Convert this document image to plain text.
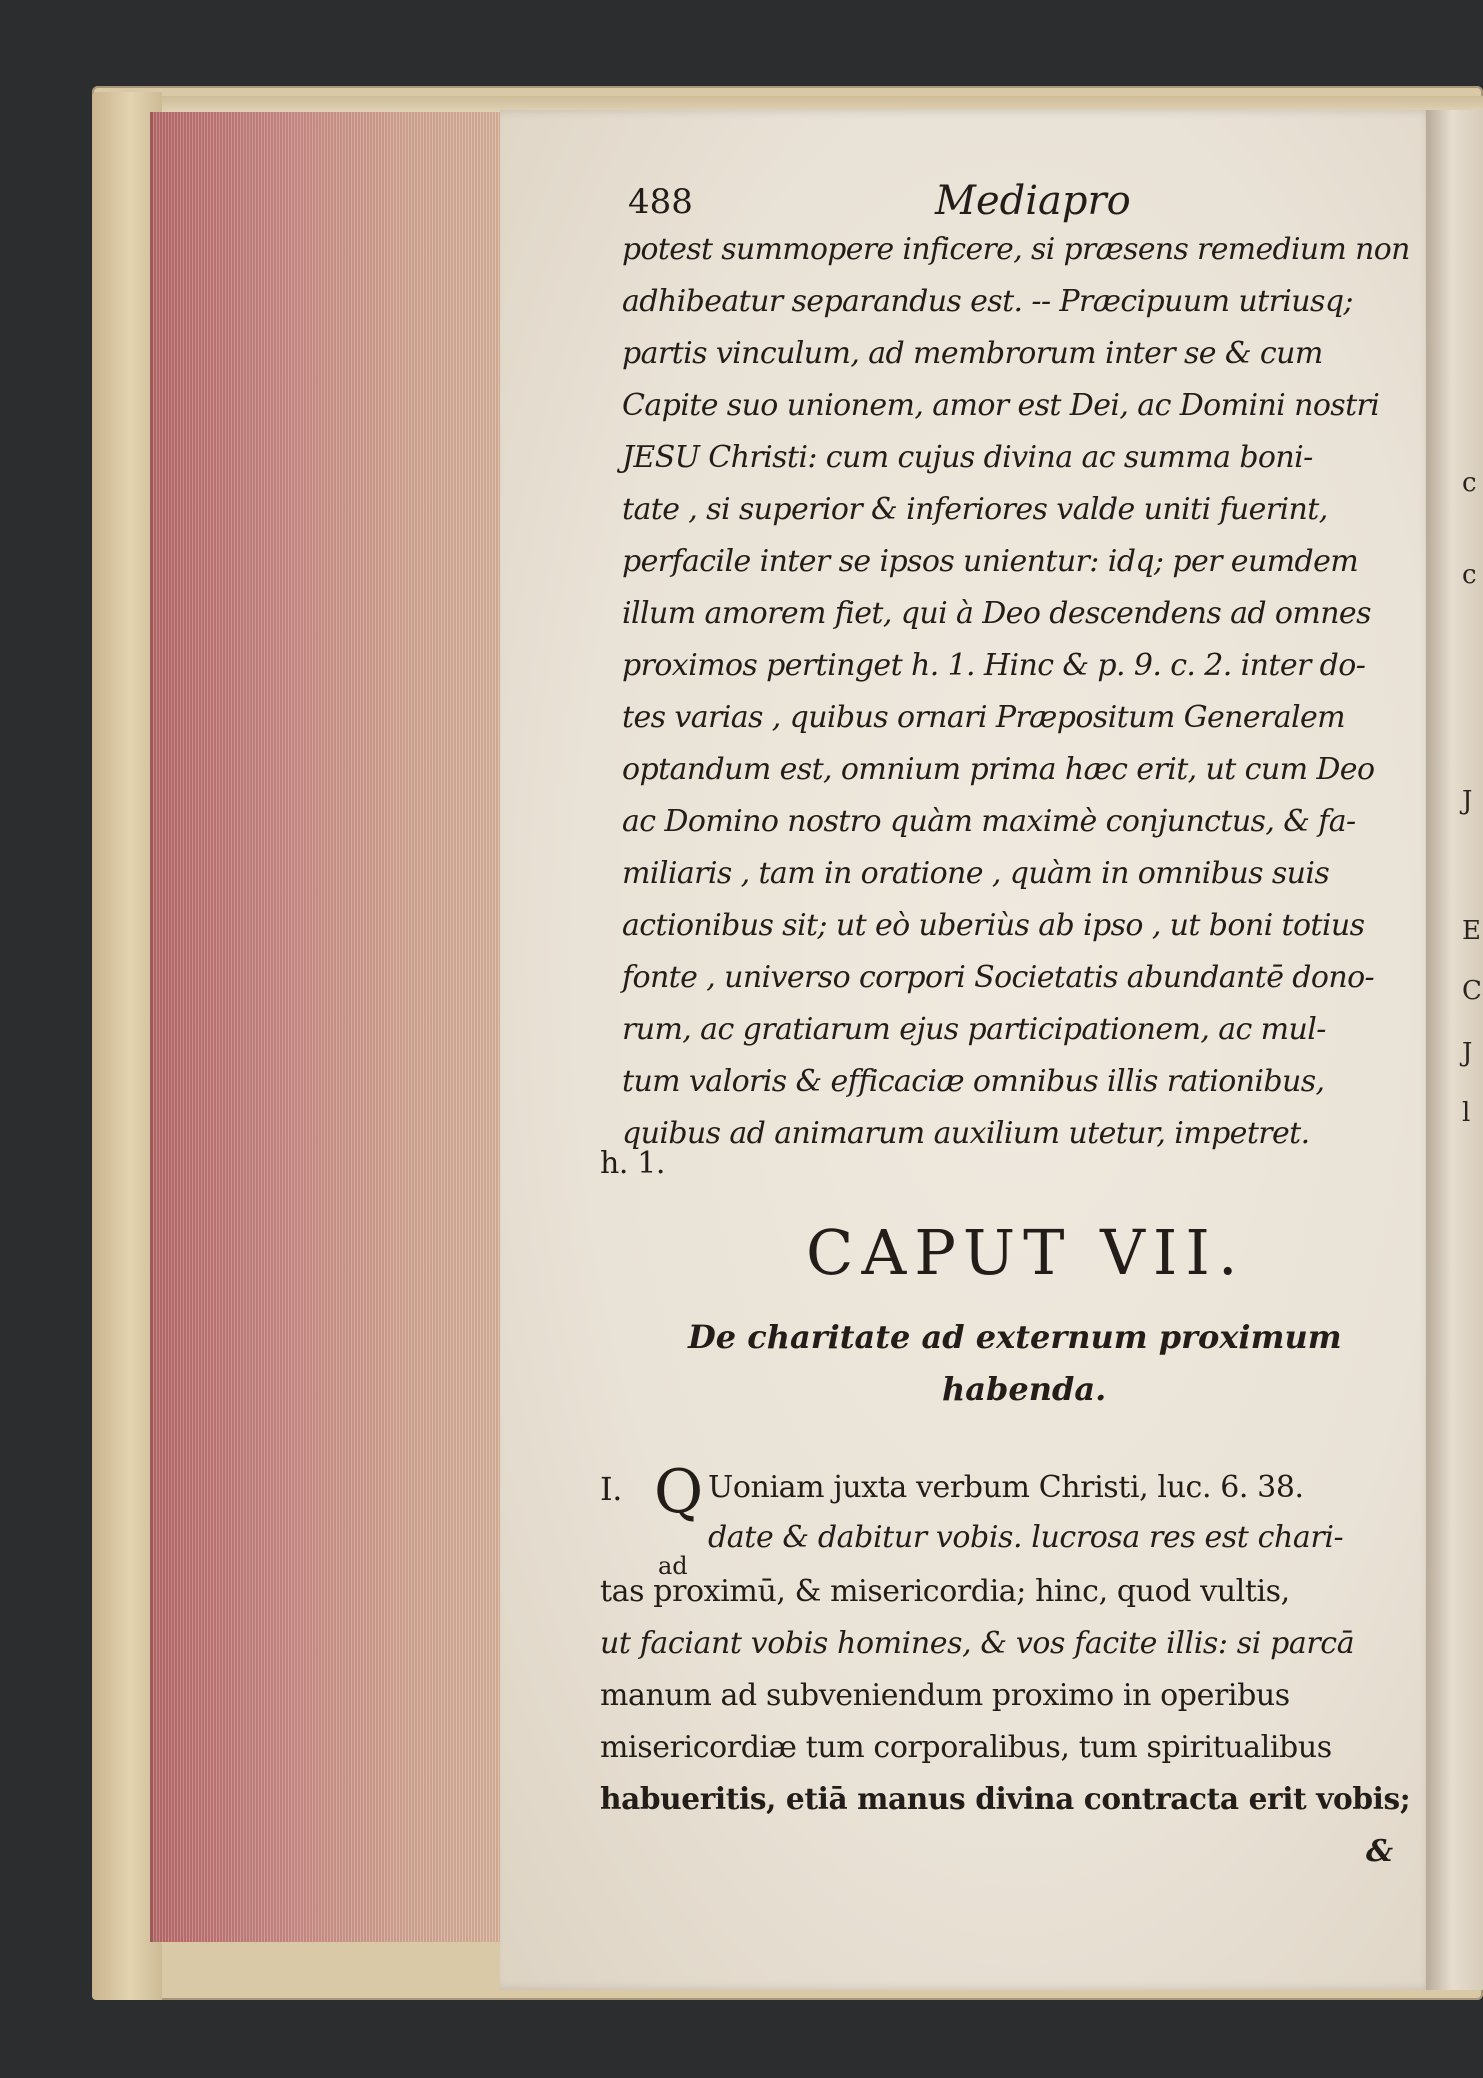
c
c
J
E
C
J
l
488	Mediapro
potest summopere inficere, si præsens remedium non
adhibeatur separandus est. -- Præcipuum utriusq;
partis vinculum, ad membrorum inter se & cum
Capite suo unionem, amor est Dei, ac Domini nostri
JESU Christi: cum cujus divina ac summa boni-
tate , si superior & inferiores valde uniti fuerint,
perfacile inter se ipsos unientur: idq; per eumdem
illum amorem fiet, qui à Deo descendens ad omnes
proximos pertinget h. 1. Hinc & p. 9. c. 2. inter do-
tes varias , quibus ornari Præpositum Generalem
optandum est, omnium prima hæc erit, ut cum Deo
ac Domino nostro quàm maximè conjunctus, & fa-
miliaris , tam in oratione , quàm in omnibus suis
actionibus sit; ut eò uberiùs ab ipso , ut boni totius
fonte , universo corpori Societatis abundantē dono-
rum, ac gratiarum ejus participationem, ac mul-
tum valoris & efficaciæ omnibus illis rationibus,
quibus ad animarum auxilium utetur, impetret.
h. 1.
CAPUT VII.
De charitate ad externum proximum
habenda.
I. Q Uoniam juxta verbum Christi, luc. 6. 38.
date & dabitur vobis. lucrosa res est chari-
ad
tas proximū, & misericordia; hinc, quod vultis,
ut faciant vobis homines, & vos facite illis: si parcā
manum ad subveniendum proximo in operibus
misericordiæ tum corporalibus, tum spiritualibus
habueritis, etiā manus divina contracta erit vobis;
&
